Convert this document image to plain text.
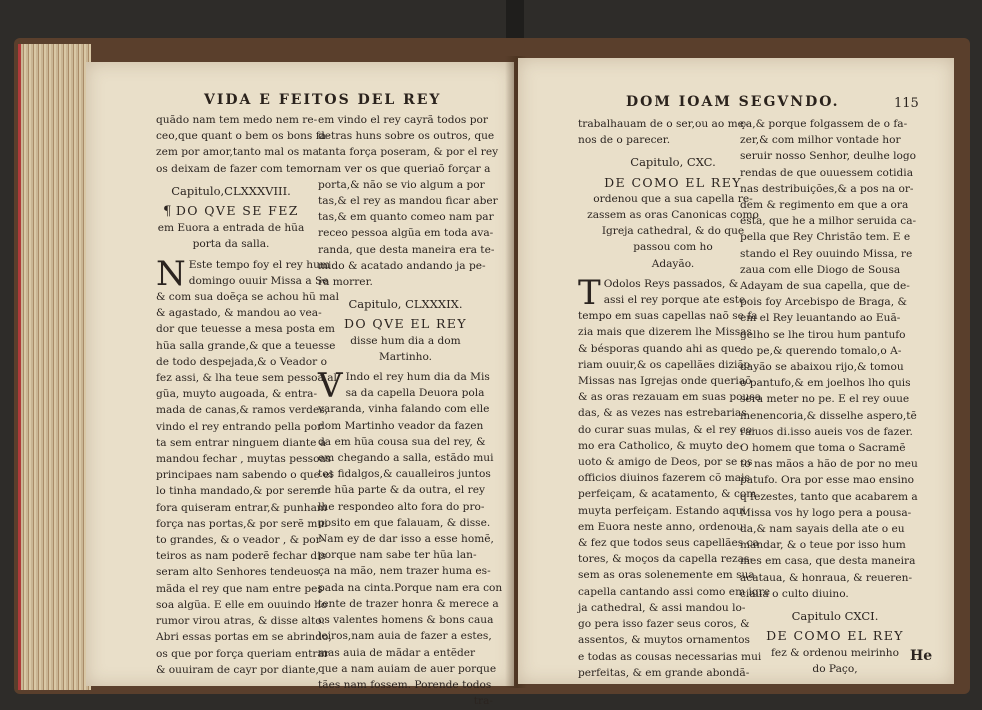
VIDA E FEITOS DEL REY

quãdo nam tem medo nem re-

ceo,que quant o bem os bons fa-

zem por amor,tanto mal os ma

os deixam de fazer com temor.

Capitulo,CLXXXVIII.

¶ DO QVE SE FEZ

em Euora a entrada de hũa

porta da salla.

N Este tempo foy el rey hum

domingo ouuir Missa a Se

& com sua doẽça se achou hũ mal

& agastado, & mandou ao vea-

dor que teuesse a mesa posta em

hũa salla grande,& que a teuesse

de todo despejada,& o Veador o

fez assi, & lha teue sem pessoa al

gũa, muyto augoada, & entra-

mada de canas,& ramos verdes,

vindo el rey entrando pella por

ta sem entrar ninguem diante a

mandou fechar , muytas pessoas

principaes nam sabendo o que el

lo tinha mandado,& por serem

fora quiseram entrar,& punham

força nas portas,& por serẽ mui

to grandes, & o veador , & por-

teiros as nam poderẽ fechar dis

seram alto Senhores tendeuos

mãda el rey que nam entre pes

soa algũa. E elle em ouuindo ho

rumor virou atras, & disse alto.

Abri essas portas em se abrindo,

os que por força queriam entrar

& ouuiram de cayr por diante,

em vindo el rey cayrã todos por

detras huns sobre os outros, que

tanta força poseram, & por el rey

nam ver os que queriaõ forçar a

porta,& não se vio algum a por

tas,& el rey as mandou ficar aber

tas,& em quanto comeo nam par

receo pessoa algũa em toda ava-

randa, que desta maneira era te-

mido & acatado andando ja pe-

ra morrer.

Capitulo, CLXXXIX.

DO QVE EL REY

disse hum dia a dom

Martinho.

V Indo el rey hum dia da Mis

sa da capella Deuora pola

varanda, vinha falando com elle

dom Martinho veador da fazen

da em hũa cousa sua del rey, &

em chegando a salla, estãdo mui

tos fidalgos,& caualleiros juntos

de hũa parte & da outra, el rey

lhe respondeo alto fora do pro-

posito em que falauam, & disse.

Nam ey de dar isso a esse homẽ,

porque nam sabe ter hũa lan-

ça na mão, nem trazer huma es-

pada na cinta.Porque nam era con

tente de trazer honra & merece a

os valentes homens & bons caua

leiros,nam auia de fazer a estes,

mas auia de mãdar a entẽder

que a nam auiam de auer porque

tães nam fossem. Porende todos

tra-

DOM IOAM SEGVNDO.	115

trabalhauam de o ser,ou ao me-

nos de o parecer.

Capitulo, CXC.

DE COMO EL REY

ordenou que a sua capella re-

zassem as oras Canonicas como

Igreja cathedral, & do que

passou com ho

Adayão.

T Odolos Reys passados, &

assi el rey porque ate este

tempo em suas capellas naõ se fa

zia mais que dizerem lhe Missas

& bésporas quando ahi as que-

riam ouuir,& os capellães dizião

Missas nas Igrejas onde queriaõ

& as oras rezauam em suas pousa

das, & as vezes nas estrebarias

do curar suas mulas, & el rey co-

mo era Catholico, & muyto de-

uoto & amigo de Deos, por se os

officios diuinos fazerem cõ mais

perfeiçam, & acatamento, & com

muyta perfeiçam. Estando aqui

em Euora neste anno, ordenou

& fez que todos seus capellães ca

tores, & moços da capella rezas-

sem as oras solenemente em sua

capella cantando assi como em igre

ja cathedral, & assi mandou lo-

go pera isso fazer seus coros, &

assentos, & muytos ornamentos

e todas as cousas necessarias mui

perfeitas, & em grande abondã-

ça,& porque folgassem de o fa-

zer,& com milhor vontade hor

seruir nosso Senhor, deulhe logo

rendas de que ouuessem cotidia

nas destribuições,& a pos na or-

dem & regimento em que a ora

esta, que he a milhor seruida ca-

pella que Rey Christão tem. E e

stando el Rey ouuindo Missa, re

zaua com elle Diogo de Sousa

Adayam de sua capella, que de-

pois foy Arcebispo de Braga, &

em el Rey leuantando ao Euã-

gelho se lhe tirou hum pantufo

do pe,& querendo tomalo,o A-

dayão se abaixou rijo,& tomou

o pantufo,& em joelhos lho quis

sera meter no pe. E el rey ouue

menencoria,& disselhe aspero,tẽ

raiuos di.isso aueis vos de fazer.

O homem que toma o Sacramẽ

to nas mãos a hão de por no meu

patufo. Ora por esse mao ensino

q fezestes, tanto que acabarem a

Missa vos hy logo pera a pousa-

da,& nam sayais della ate o eu

mandar, & o teue por isso hum

mes em casa, que desta maneira

acataua, & honraua, & reueren-

ciaua o culto diuino.

Capitulo CXCI.

DE COMO EL REY

fez & ordenou meirinho

do Paço,

He
